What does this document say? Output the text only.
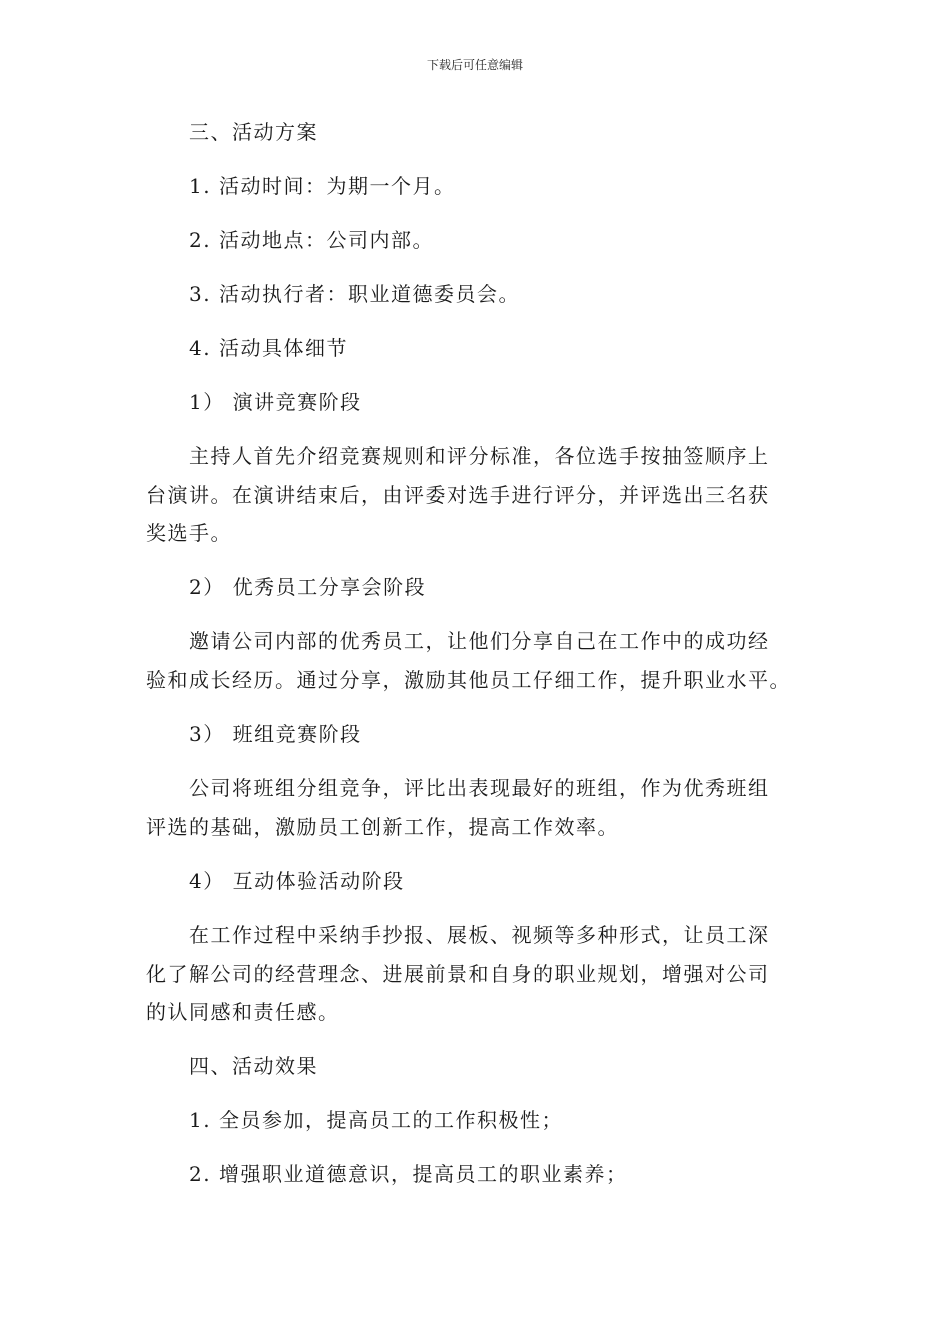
下载后可任意编辑
三、活动方案
1. 活动时间：为期一个月。
2. 活动地点：公司内部。
3. 活动执行者：职业道德委员会。
4. 活动具体细节
1） 演讲竞赛阶段
主持人首先介绍竞赛规则和评分标准，各位选手按抽签顺序上
台演讲。在演讲结束后，由评委对选手进行评分，并评选出三名获
奖选手。
2） 优秀员工分享会阶段
邀请公司内部的优秀员工，让他们分享自己在工作中的成功经
验和成长经历。通过分享，激励其他员工仔细工作，提升职业水平。
3） 班组竞赛阶段
公司将班组分组竞争，评比出表现最好的班组，作为优秀班组
评选的基础，激励员工创新工作，提高工作效率。
4） 互动体验活动阶段
在工作过程中采纳手抄报、展板、视频等多种形式，让员工深
化了解公司的经营理念、进展前景和自身的职业规划，增强对公司
的认同感和责任感。
四、活动效果
1. 全员参加，提高员工的工作积极性；
2. 增强职业道德意识，提高员工的职业素养；
